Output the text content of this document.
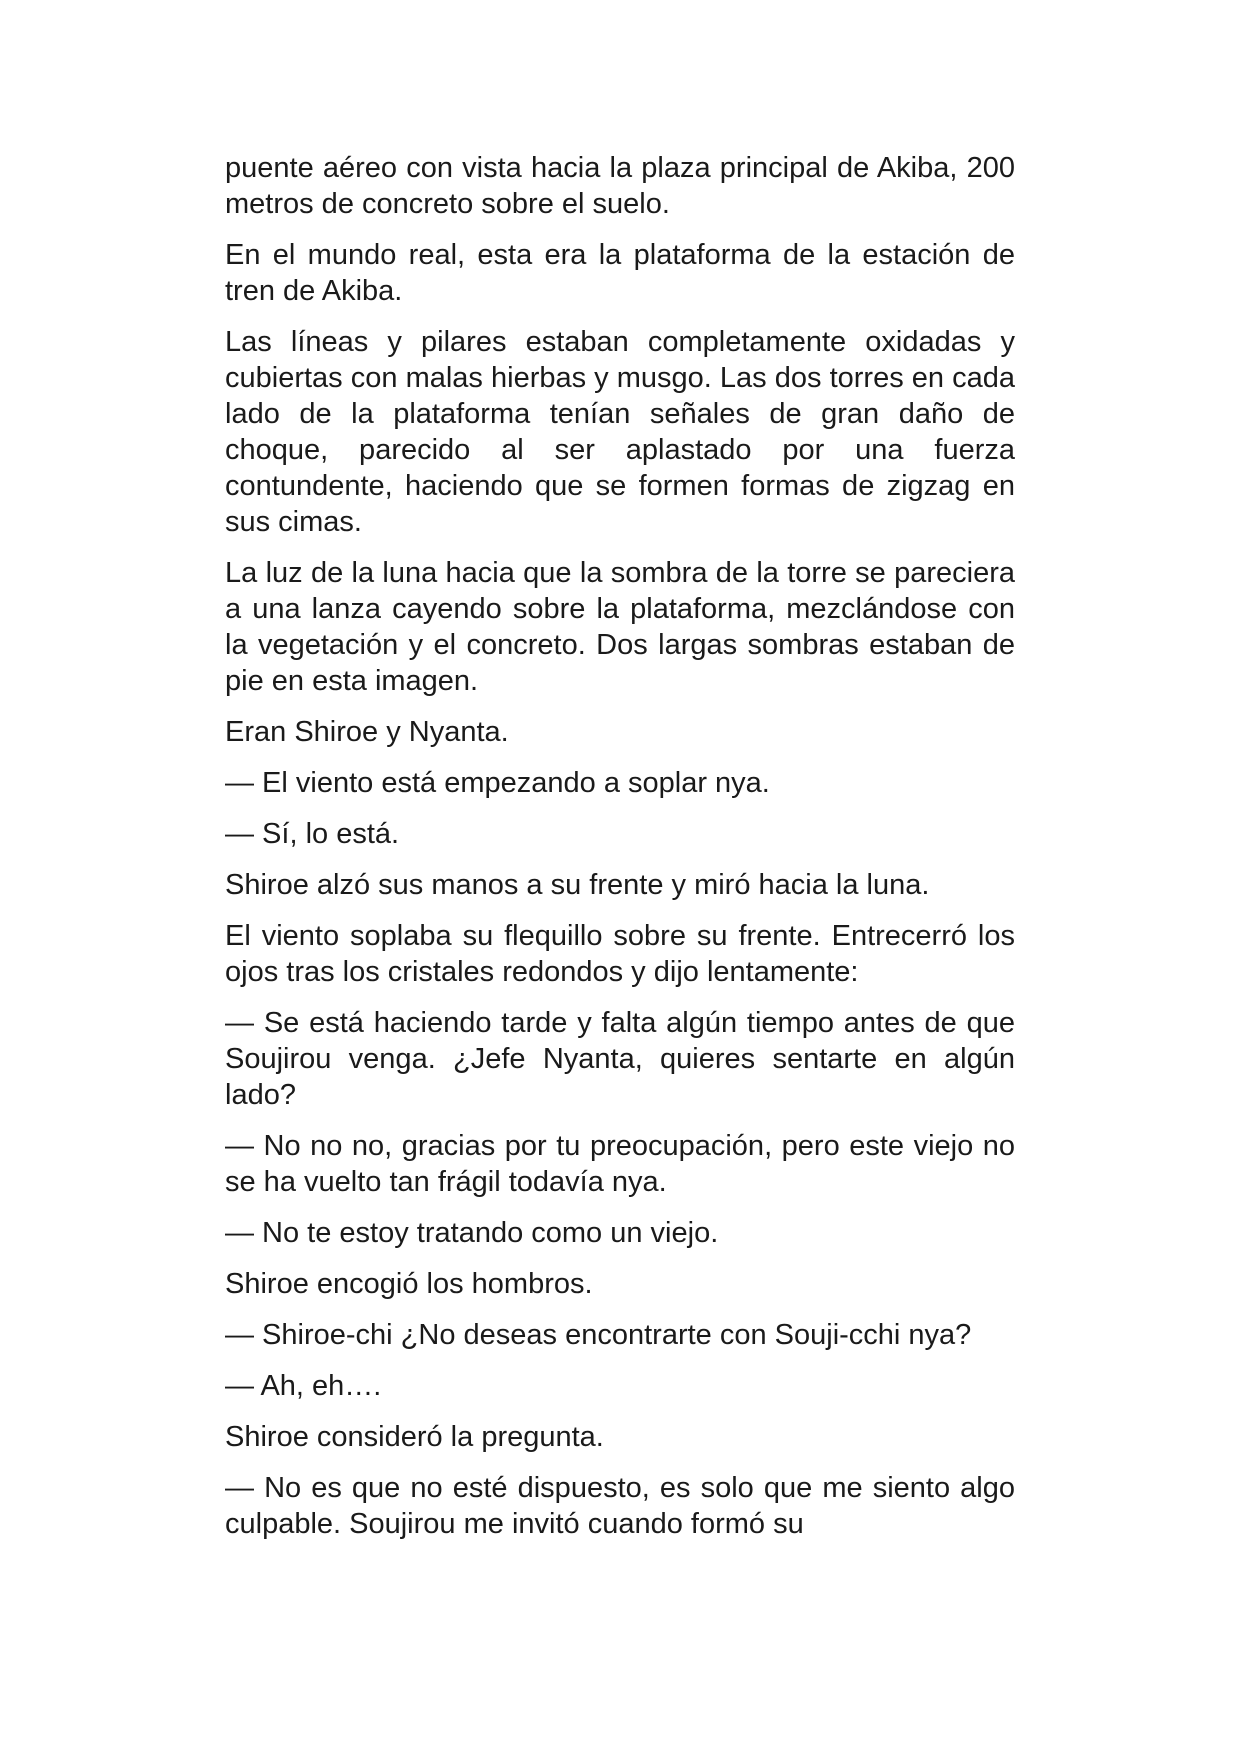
puente aéreo con vista hacia la plaza principal de Akiba, 200 metros de concreto sobre el suelo.

En el mundo real, esta era la plataforma de la estación de tren de Akiba.

Las líneas y pilares estaban completamente oxidadas y cubiertas con malas hierbas y musgo. Las dos torres en cada lado de la plataforma tenían señales de gran daño de choque, parecido al ser aplastado por una fuerza contundente, haciendo que se formen formas de zigzag en sus cimas.

La luz de la luna hacia que la sombra de la torre se pareciera a una lanza cayendo sobre la plataforma, mezclándose con la vegetación y el concreto. Dos largas sombras estaban de pie en esta imagen.

Eran Shiroe y Nyanta.

— El viento está empezando a soplar nya.

— Sí, lo está.

Shiroe alzó sus manos a su frente y miró hacia la luna.

El viento soplaba su flequillo sobre su frente. Entrecerró los ojos tras los cristales redondos y dijo lentamente:

— Se está haciendo tarde y falta algún tiempo antes de que Soujirou venga. ¿Jefe Nyanta, quieres sentarte en algún lado?

— No no no, gracias por tu preocupación, pero este viejo no se ha vuelto tan frágil todavía nya.

— No te estoy tratando como un viejo.

Shiroe encogió los hombros.

— Shiroe-chi ¿No deseas encontrarte con Souji-cchi nya?

— Ah, eh….

Shiroe consideró la pregunta.

— No es que no esté dispuesto, es solo que me siento algo culpable. Soujirou me invitó cuando formó su
